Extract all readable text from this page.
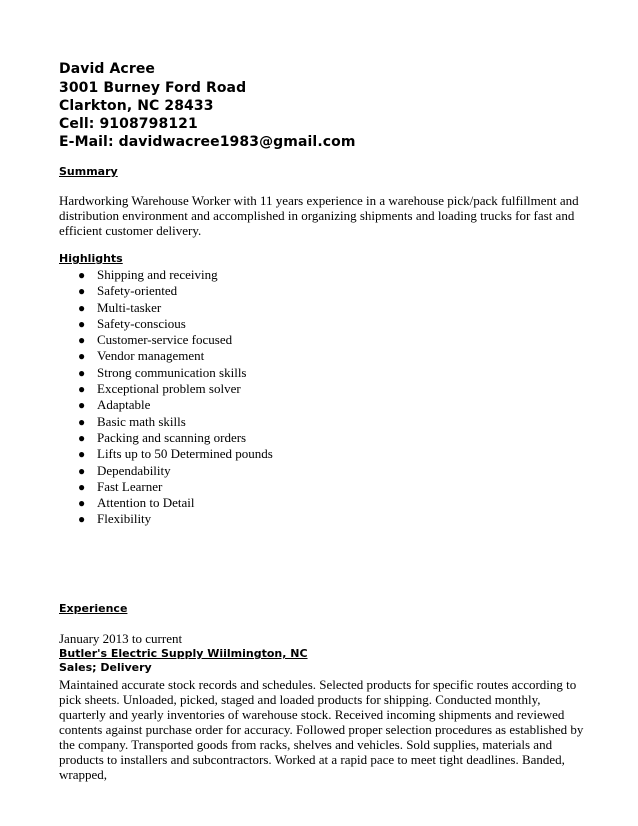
David Acree
3001 Burney Ford Road
Clarkton, NC 28433
Cell: 9108798121
E-Mail: davidwacree1983@gmail.com
Summary
Hardworking Warehouse Worker with 11 years experience in a warehouse pick/pack fulfillment and distribution environment and accomplished in organizing shipments and loading trucks for fast and efficient customer delivery.
Highlights
● Shipping and receiving
● Safety-oriented
● Multi-tasker
● Safety-conscious
● Customer-service focused
● Vendor management
● Strong communication skills
● Exceptional problem solver
● Adaptable
● Basic math skills
● Packing and scanning orders
● Lifts up to 50 Determined pounds
● Dependability
● Fast Learner
● Attention to Detail
● Flexibility
Experience
January 2013 to current
Butler's Electric Supply Wiilmington, NC
Sales; Delivery
Maintained accurate stock records and schedules. Selected products for specific routes according to pick sheets. Unloaded, picked, staged and loaded products for shipping. Conducted monthly, quarterly and yearly inventories of warehouse stock. Received incoming shipments and reviewed contents against purchase order for accuracy. Followed proper selection procedures as established by the company. Transported goods from racks, shelves and vehicles. Sold supplies, materials and products to installers and subcontractors. Worked at a rapid pace to meet tight deadlines. Banded, wrapped,
